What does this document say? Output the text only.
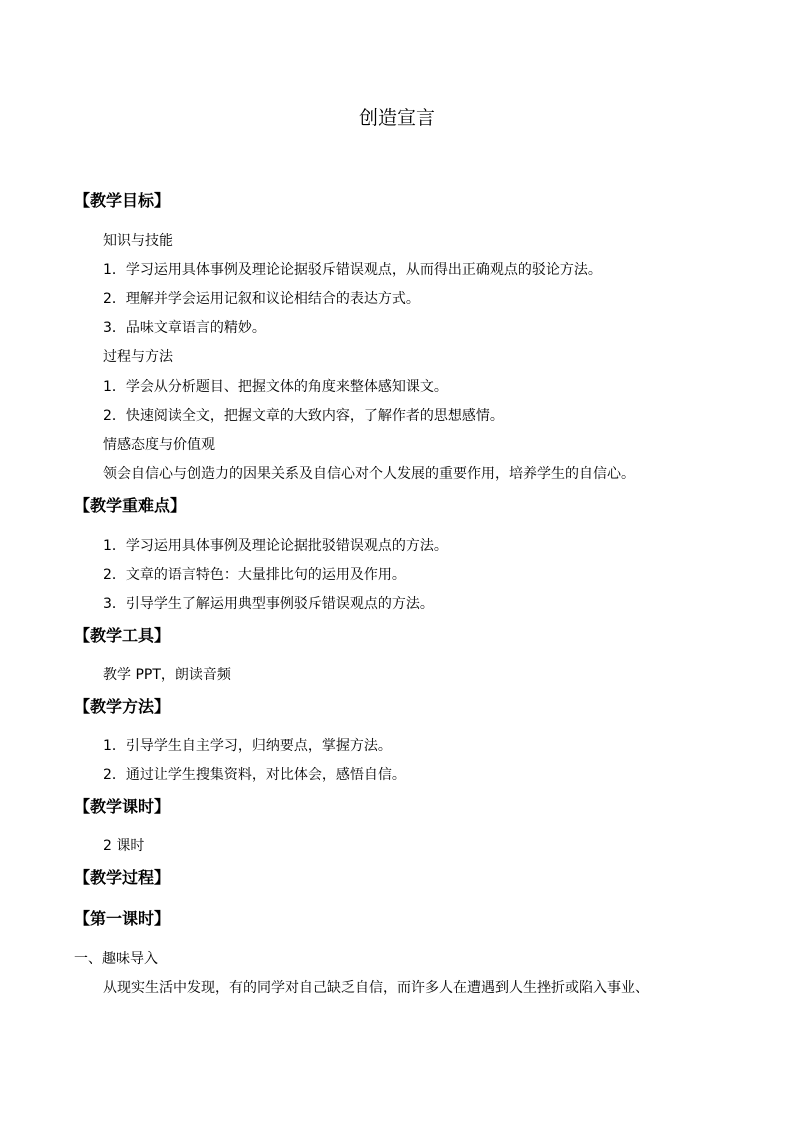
创造宣言
【教学目标】
知识与技能
1．学习运用具体事例及理论论据驳斥错误观点，从而得出正确观点的驳论方法。
2．理解并学会运用记叙和议论相结合的表达方式。
3．品味文章语言的精妙。
过程与方法
1．学会从分析题目、把握文体的角度来整体感知课文。
2．快速阅读全文，把握文章的大致内容，了解作者的思想感情。
情感态度与价值观
领会自信心与创造力的因果关系及自信心对个人发展的重要作用，培养学生的自信心。
【教学重难点】
1．学习运用具体事例及理论论据批驳错误观点的方法。
2．文章的语言特色：大量排比句的运用及作用。
3．引导学生了解运用典型事例驳斥错误观点的方法。
【教学工具】
教学 PPT，朗读音频
【教学方法】
1．引导学生自主学习，归纳要点，掌握方法。
2．通过让学生搜集资料，对比体会，感悟自信。
【教学课时】
2 课时
【教学过程】
【第一课时】
一、趣味导入
从现实生活中发现，有的同学对自己缺乏自信，而许多人在遭遇到人生挫折或陷入事业、
